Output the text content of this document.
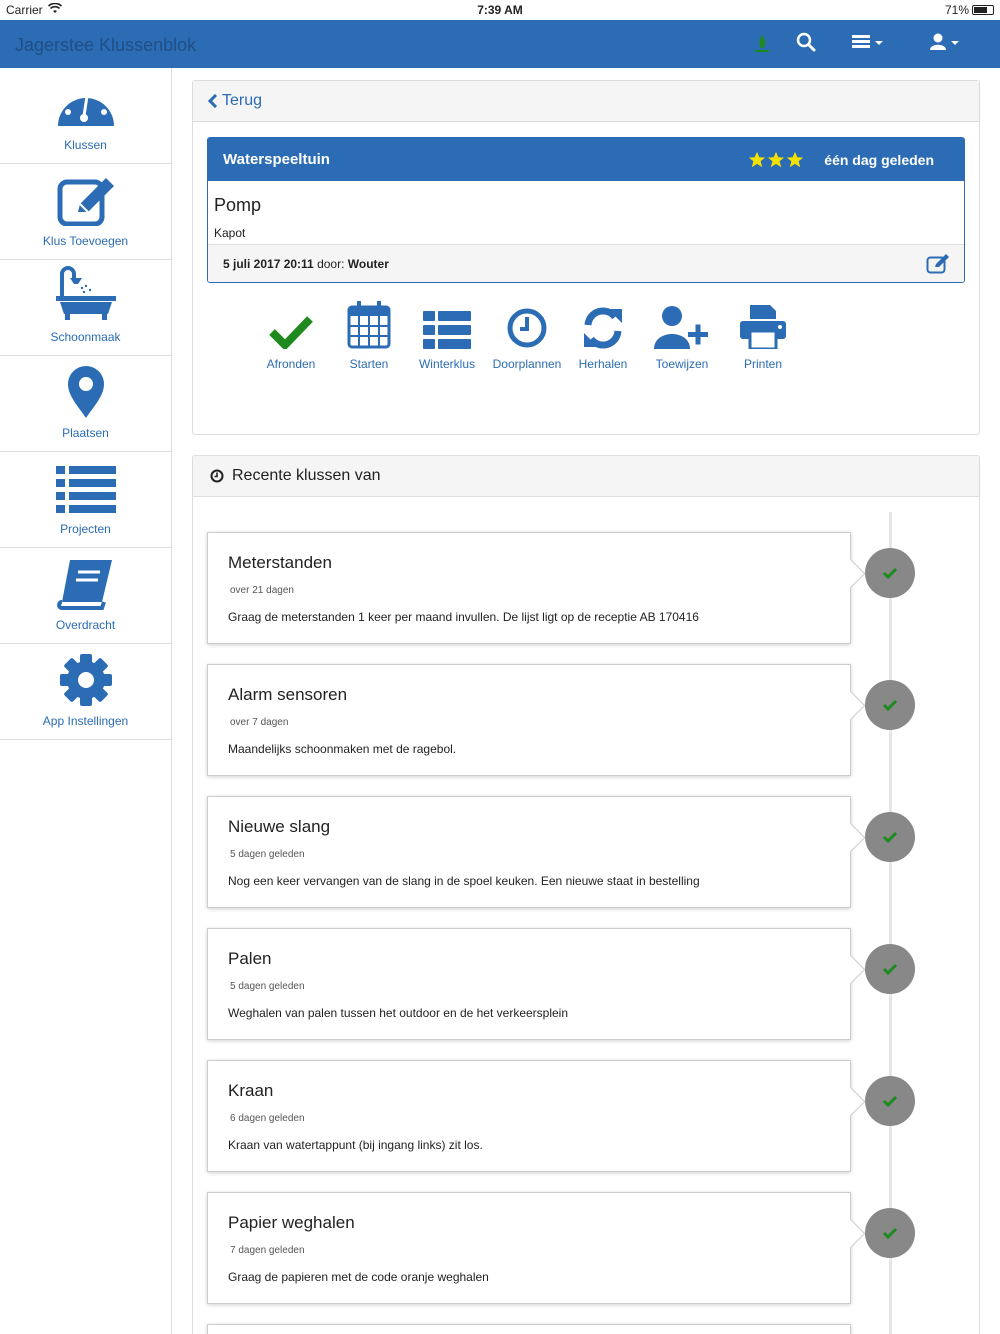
Carrier	7:39 AM	71%
Jagerstee Klussenblok
Klussen
Klus Toevoegen
Schoonmaak
Plaatsen
Projecten
Overdracht
App Instellingen
Terug
Waterspeeltuin	één dag geleden
Pomp
Kapot
5 juli 2017 20:11
door:
Wouter
Afronden	Starten	Winterklus Doorplannen Herhalen Toewijzen	Printen
Recente klussen van
Meterstanden
over 21 dagen
Graag de meterstanden 1 keer per maand invullen. De lijst ligt op de receptie AB 170416
Alarm sensoren
over 7 dagen
Maandelijks schoonmaken met de ragebol.
Nieuwe slang
5 dagen geleden
Nog een keer vervangen van de slang in de spoel keuken. Een nieuwe staat in bestelling
Palen
5 dagen geleden
Weghalen van palen tussen het outdoor en de het verkeersplein
Kraan
6 dagen geleden
Kraan van watertappunt (bij ingang links) zit los.
Papier weghalen
7 dagen geleden
Graag de papieren met de code oranje weghalen
